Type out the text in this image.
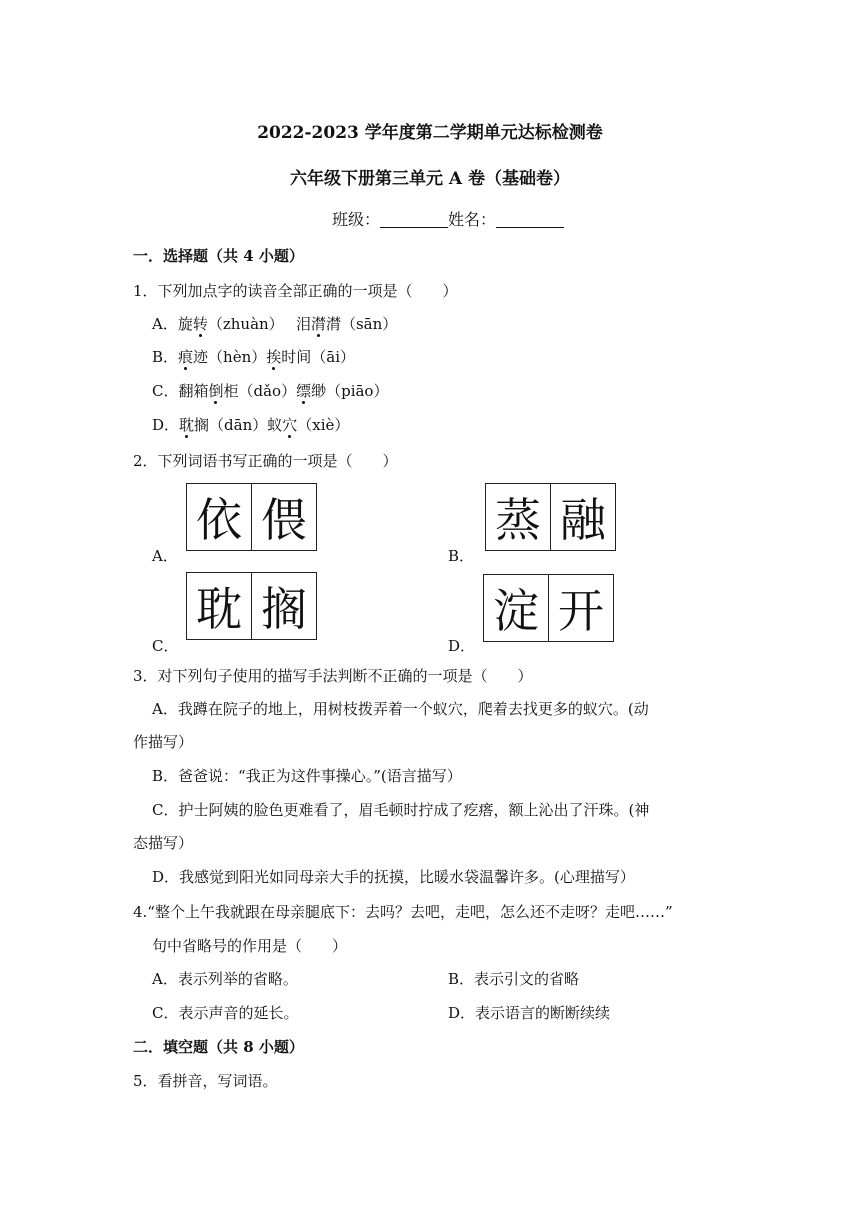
2022-2023 学年度第二学期单元达标检测卷
六年级下册第三单元 A 卷（基础卷）
班级：	姓名：
一．选择题（共 4 小题）
1．下列加点字的读音全部正确的一项是（　　）
A．旋转（zhuàn）　 泪潸潸（sān）
B．痕迹（hèn）挨时间（āi）
C．翻箱倒柜（dǎo）缥缈（piāo）
D．耽搁（dān）蚁穴（xiè）
2．下列词语书写正确的一项是（　　）
依 偎
A．
蒸 融
B．
耽 搁
C．
淀 开
D．
3．对下列句子使用的描写手法判断不正确的一项是（　　）
A．我蹲在院子的地上，用树枝拨弄着一个蚁穴，爬着去找更多的蚁穴。(动
作描写）
B．爸爸说：“我正为这件事操心。”(语言描写）
C．护士阿姨的脸色更难看了，眉毛顿时拧成了疙瘩，额上沁出了汗珠。(神
态描写）
D．我感觉到阳光如同母亲大手的抚摸，比暖水袋温馨许多。(心理描写）
4.“整个上午我就跟在母亲腿底下：去吗？去吧，走吧，怎么还不走呀？走吧……”
句中省略号的作用是（　　）
A．表示列举的省略。	B．表示引文的省略
C．表示声音的延长。	D．表示语言的断断续续
二．填空题（共 8 小题）
5．看拼音，写词语。
